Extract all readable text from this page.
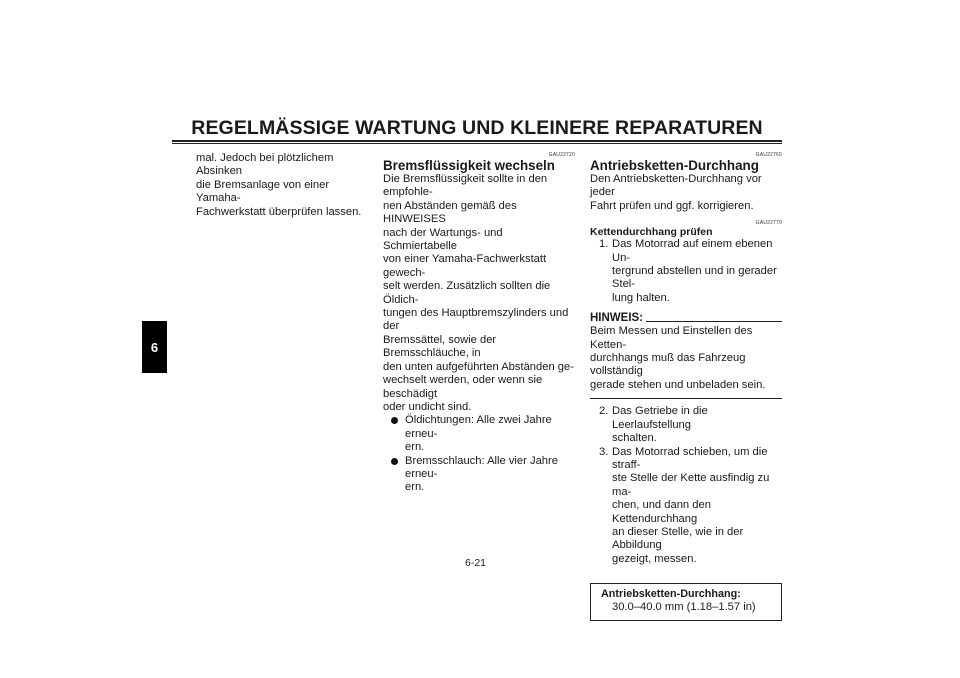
REGELMÄSSIGE WARTUNG UND KLEINERE REPARATUREN
6

mal. Jedoch bei plötzlichem Absinken

die Bremsanlage von einer Yamaha-

Fachwerkstatt überprüfen lassen.

GAU22720
Bremsflüssigkeit wechseln

Die Bremsflüssigkeit sollte in den empfohle-

nen Abständen gemäß des HINWEISES

nach der Wartungs- und Schmiertabelle

von einer Yamaha-Fachwerkstatt gewech-

selt werden. Zusätzlich sollten die Öldich-

tungen des Hauptbremszylinders und der

Bremssättel, sowie der Bremsschläuche, in

den unten aufgeführten Abständen ge-

wechselt werden, oder wenn sie beschädigt

oder undicht sind.

Öldichtungen: Alle zwei Jahre erneu-

ern.

Bremsschlauch: Alle vier Jahre erneu-

ern.

GAU22760
Antriebsketten-Durchhang

Den Antriebsketten-Durchhang vor jeder

Fahrt prüfen und ggf. korrigieren.

GAU22770
Kettendurchhang prüfen
1. Das Motorrad auf einem ebenen Un-

tergrund abstellen und in gerader Stel-

lung halten.

HINWEIS:

Beim Messen und Einstellen des Ketten-

durchhangs muß das Fahrzeug vollständig

gerade stehen und unbeladen sein.

2. Das Getriebe in die Leerlaufstellung

schalten.

3. Das Motorrad schieben, um die straff-

ste Stelle der Kette ausfindig zu ma-

chen, und dann den Kettendurchhang

an dieser Stelle, wie in der Abbildung

gezeigt, messen.

Antriebsketten-Durchhang:
30.0–40.0 mm (1.18–1.57 in)
6-21
